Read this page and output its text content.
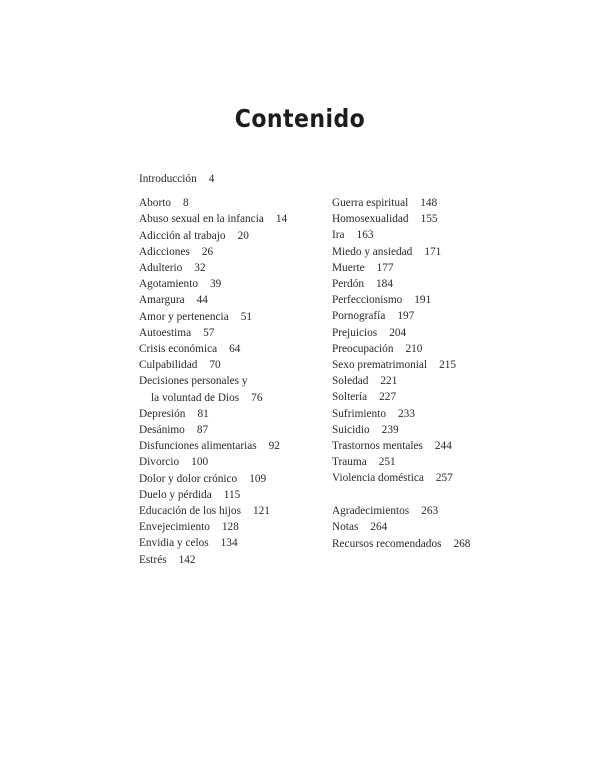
Contenido
Introducción 4
Aborto 8
Abuso sexual en la infancia 14
Adicción al trabajo 20
Adicciones 26
Adulterio 32
Agotamiento 39
Amargura 44
Amor y pertenencia 51
Autoestima 57
Crisis económica 64
Culpabilidad 70
Decisiones personales y
la voluntad de Dios 76
Depresión 81
Desánimo 87
Disfunciones alimentarias 92
Divorcio 100
Dolor y dolor crónico 109
Duelo y pérdida 115
Educación de los hijos 121
Envejecimiento 128
Envidia y celos 134
Estrés 142
Guerra espiritual 148
Homosexualidad 155
Ira 163
Miedo y ansiedad 171
Muerte 177
Perdón 184
Perfeccionismo 191
Pornografía 197
Prejuicios 204
Preocupación 210
Sexo prematrimonial 215
Soledad 221
Soltería 227
Sufrimiento 233
Suicidio 239
Trastornos mentales 244
Trauma 251
Violencia doméstica 257
Agradecimientos 263
Notas 264
Recursos recomendados 268
